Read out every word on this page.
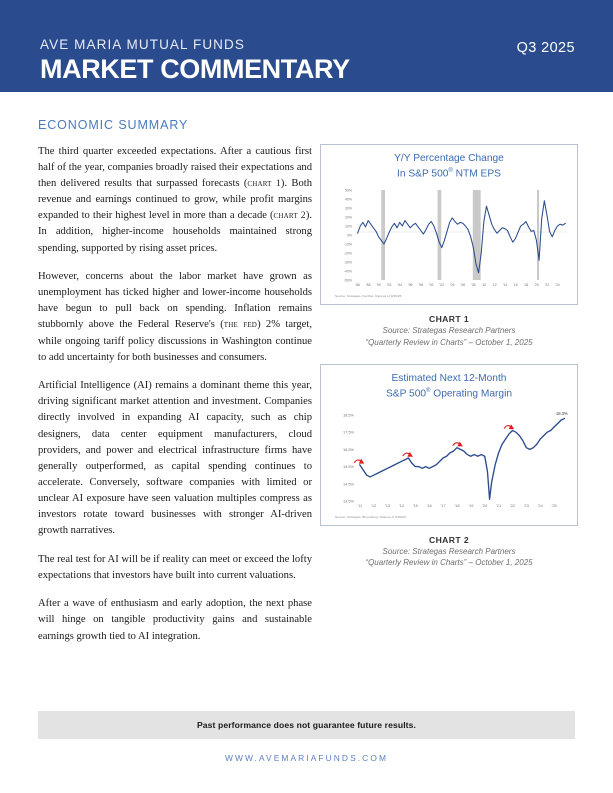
AVE MARIA MUTUAL FUNDS
MARKET COMMENTARY
Q3 2025
ECONOMIC SUMMARY

The third quarter exceeded expectations. After a cautious first half of the year, companies broadly raised their expectations and then delivered results that surpassed forecasts (chart 1). Both revenue and earnings continued to grow, while profit margins expanded to their highest level in more than a decade (chart 2). In addition, higher-income households maintained strong spending, supported by rising asset prices.

However, concerns about the labor market have grown as unemployment has ticked higher and lower-income households have begun to pull back on spending. Inflation remains stubbornly above the Federal Reserve's (the fed) 2% target, while ongoing tariff policy discussions in Washington continue to add uncertainty for both businesses and consumers.

Artificial Intelligence (AI) remains a dominant theme this year, driving significant market attention and investment. Companies directly involved in expanding AI capacity, such as chip designers, data center equipment manufacturers, cloud providers, and power and electrical infrastructure firms have generally outperformed, as capital spending continues to accelerate. Conversely, software companies with limited or unclear AI exposure have seen valuation multiples compress as investors rotate toward businesses with stronger AI-driven growth narratives.

The real test for AI will be if reality can meet or exceed the lofty expectations that investors have built into current valuations.

After a wave of enthusiasm and early adoption, the next phase will hinge on tangible productivity gains and sustainable earnings growth tied to AI integration.

Y/Y Percentage Change
In S&P 500® NTM EPS
50%
40%
30%
20%
10%
0%
-10%
-20%
-30%
-40%
-50%
'86 '88 '90 '92 '94 '96 '98 '00 '02 '04 '06 '08 '10 '12 '14 '16 '18 '20 '22 '24
Source: Strategas, FactSet, Data as of 9/30/25
CHART 1
Source: Strategas Research Partners
“Quarterly Review in Charts” – October 1, 2025
Estimated Next 12-Month
S&P 500® Operating Margin
18.5%
17.5%
16.5%
15.5%
14.5%
13.5%
'11 '12 '13 '14 '15 '16 '17 '18 '19 '20 '21 '22 '23 '24 '25
18.3%
Source: Strategas, Bloomberg, Data as of 9/30/25
CHART 2
Source: Strategas Research Partners
“Quarterly Review in Charts” – October 1, 2025
Past performance does not guarantee future results.
WWW.AVEMARIAFUNDS.COM
